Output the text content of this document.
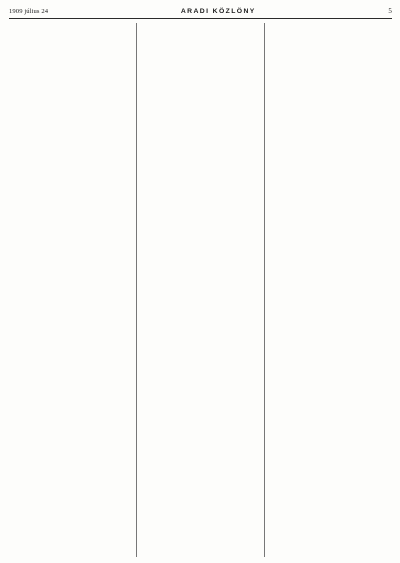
1909 július 24	ARADI KÖZLÖNY	5
